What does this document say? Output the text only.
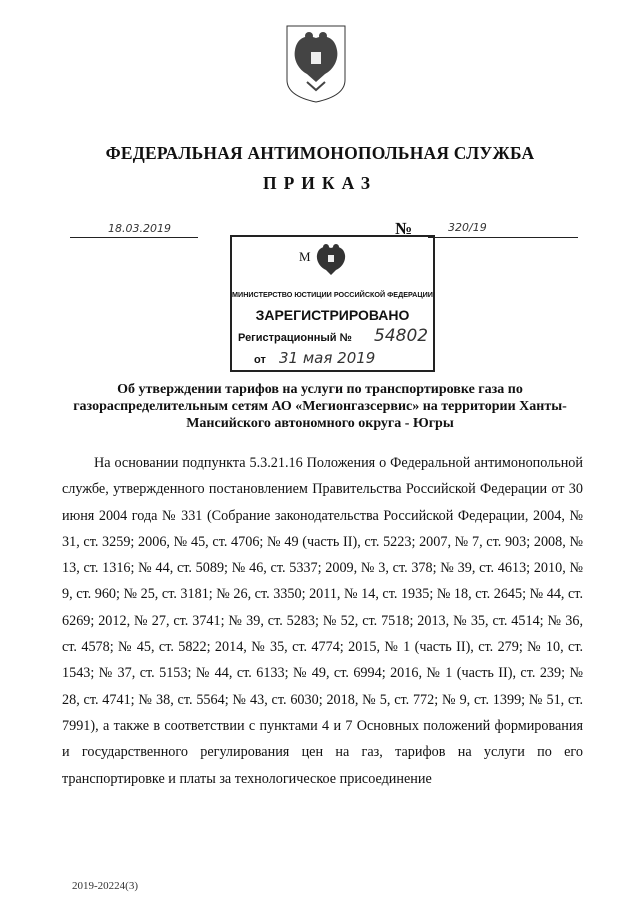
ФЕДЕРАЛЬНАЯ АНТИМОНОПОЛЬНАЯ СЛУЖБА
ПРИКАЗ
18.03.2019	№	320/19
М
МИНИСТЕРСТВО ЮСТИЦИИ РОССИЙСКОЙ ФЕДЕРАЦИИ
ЗАРЕГИСТРИРОВАНО
Регистрационный № 54802
от 31 мая 2019
Об утверждении тарифов на услуги по транспортировке газа по газораспределительным сетям АО «Мегионгазсервис» на территории Ханты-Мансийского автономного округа - Югры

На основании подпункта 5.3.21.16 Положения о Федеральной антимонопольной службе, утвержденного постановлением Правительства Российской Федерации от 30 июня 2004 года № 331 (Собрание законодательства Российской Федерации, 2004, № 31, ст. 3259; 2006, № 45, ст. 4706; № 49 (часть II), ст. 5223; 2007, № 7, ст. 903; 2008, № 13, ст. 1316; № 44, ст. 5089; № 46, ст. 5337; 2009, № 3, ст. 378; № 39, ст. 4613; 2010, № 9, ст. 960; № 25, ст. 3181; № 26, ст. 3350; 2011, № 14, ст. 1935; № 18, ст. 2645; № 44, ст. 6269; 2012, № 27, ст. 3741; № 39, ст. 5283; № 52, ст. 7518; 2013, № 35, ст. 4514; № 36, ст. 4578; № 45, ст. 5822; 2014, № 35, ст. 4774; 2015, № 1 (часть II), ст. 279; № 10, ст. 1543; № 37, ст. 5153; № 44, ст. 6133; № 49, ст. 6994; 2016, № 1 (часть II), ст. 239; № 28, ст. 4741; № 38, ст. 5564; № 43, ст. 6030; 2018, № 5, ст. 772; № 9, ст. 1399; № 51, ст. 7991), а также в соответствии с пунктами 4 и 7 Основных положений формирования и государственного регулирования цен на газ, тарифов на услуги по его транспортировке и платы за технологическое присоединение

2019-20224(3)
